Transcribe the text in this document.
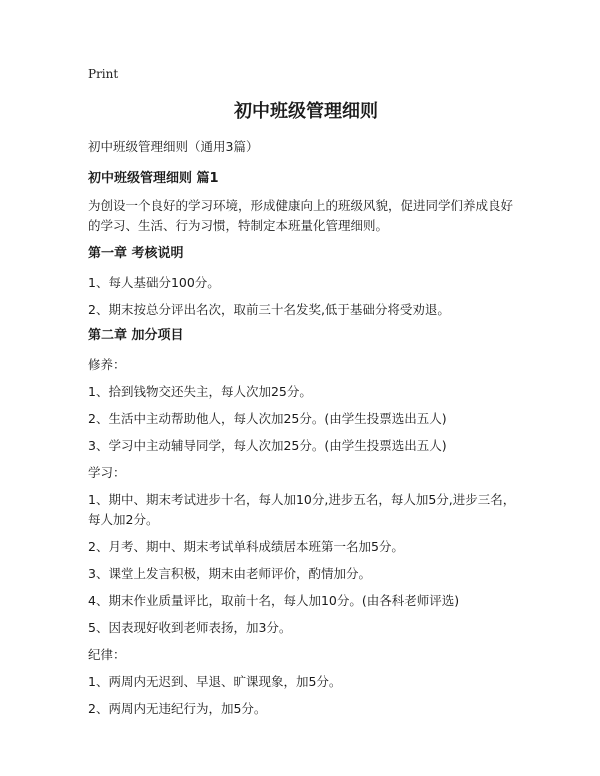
Print

初中班级管理细则

初中班级管理细则（通用3篇）

初中班级管理细则 篇1

为创设一个良好的学习环境，形成健康向上的班级风貌，促进同学们养成良好的学习、生活、行为习惯，特制定本班量化管理细则。

第一章 考核说明

1、每人基础分100分。

2、期末按总分评出名次，取前三十名发奖,低于基础分将受劝退。

第二章 加分项目

修养：

1、拾到钱物交还失主，每人次加25分。

2、生活中主动帮助他人，每人次加25分。(由学生投票选出五人)

3、学习中主动辅导同学，每人次加25分。(由学生投票选出五人)

学习：

1、期中、期末考试进步十名，每人加10分,进步五名，每人加5分,进步三名，每人加2分。

2、月考、期中、期末考试单科成绩居本班第一名加5分。

3、课堂上发言积极，期末由老师评价，酌情加分。

4、期末作业质量评比，取前十名，每人加10分。(由各科老师评选)

5、因表现好收到老师表扬，加3分。

纪律：

1、两周内无迟到、早退、旷课现象，加5分。

2、两周内无违纪行为，加5分。
